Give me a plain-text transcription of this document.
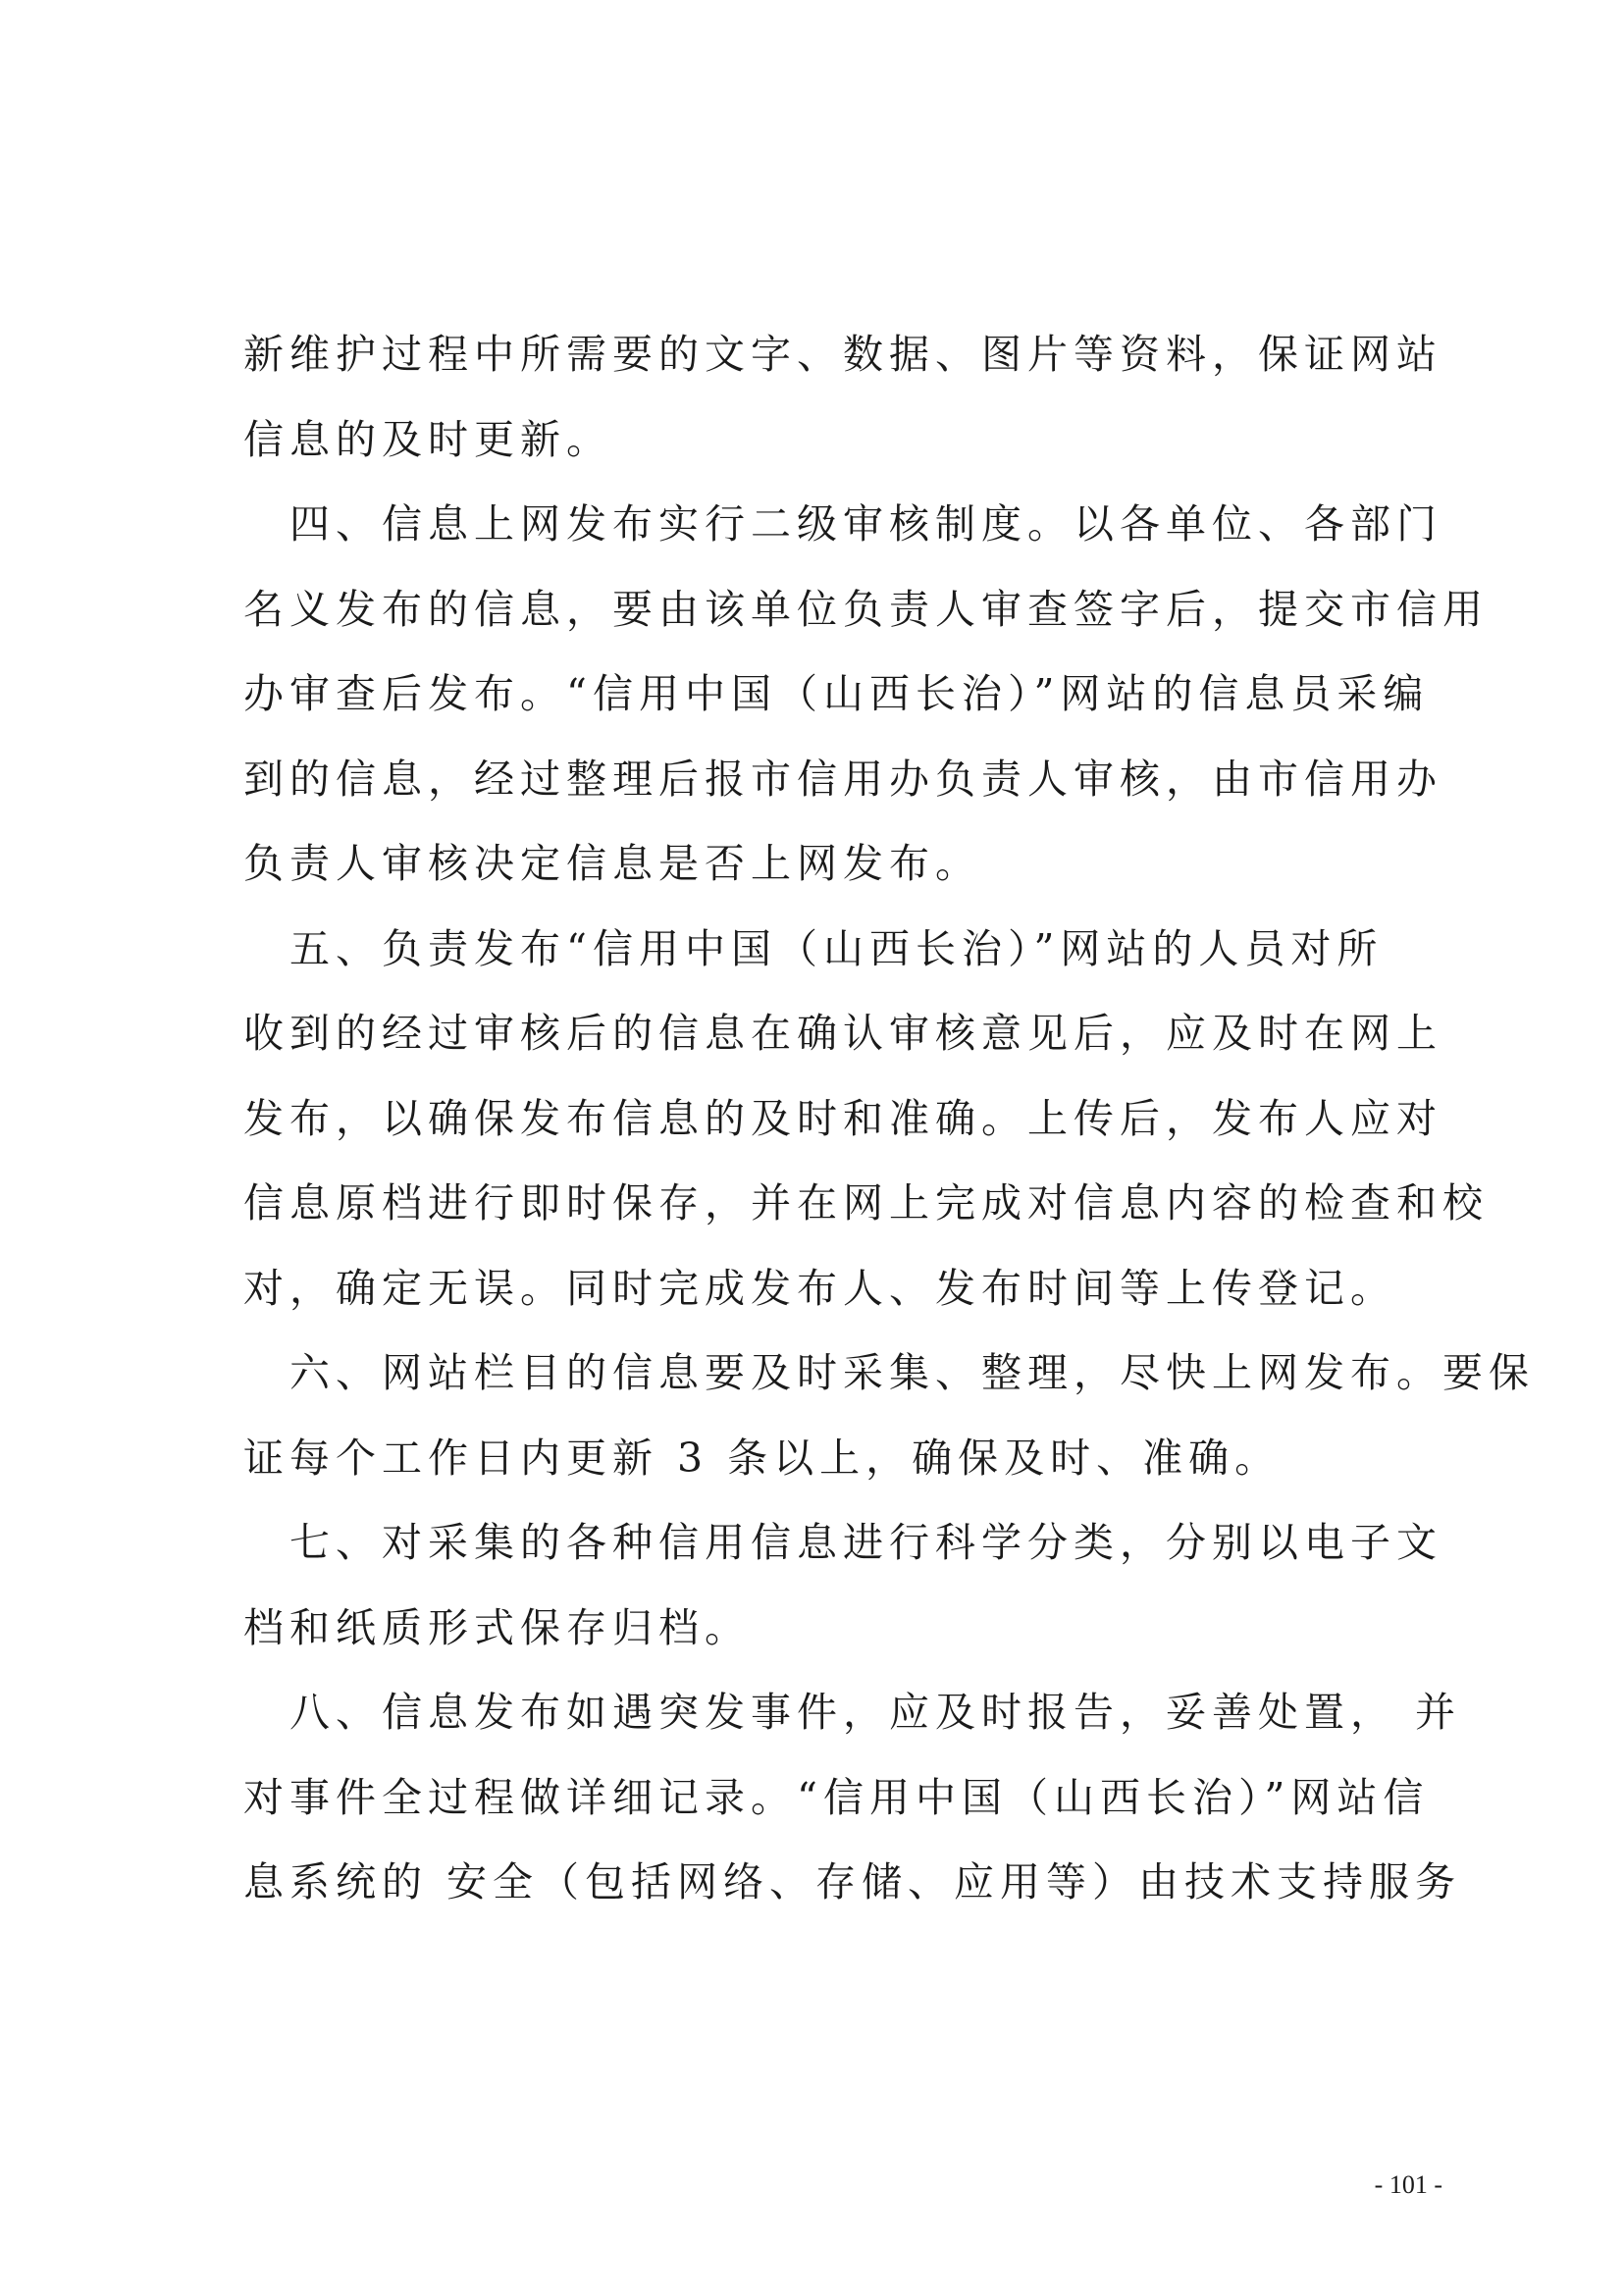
新维护过程中所需要的文字、数据、图片等资料，保证网站
信息的及时更新。
　四、信息上网发布实行二级审核制度。以各单位、各部门
名义发布的信息，要由该单位负责人审查签字后，提交市信用
办审查后发布。“信用中国（山西长治）”网站的信息员采编
到的信息，经过整理后报市信用办负责人审核，由市信用办
负责人审核决定信息是否上网发布。
　五、负责发布“信用中国（山西长治）”网站的人员对所
收到的经过审核后的信息在确认审核意见后，应及时在网上
发布，以确保发布信息的及时和准确。上传后，发布人应对
信息原档进行即时保存，并在网上完成对信息内容的检查和校
对，确定无误。同时完成发布人、发布时间等上传登记。
　六、网站栏目的信息要及时采集、整理，尽快上网发布。要保
证每个工作日内更新 3 条以上，确保及时、准确。
　七、对采集的各种信用信息进行科学分类，分别以电子文
档和纸质形式保存归档。
　八、信息发布如遇突发事件，应及时报告，妥善处置， 并
对事件全过程做详细记录。“信用中国（山西长治）”网站信
息系统的 安全（包括网络、存储、应用等）由技术支持服务
- 101 -
